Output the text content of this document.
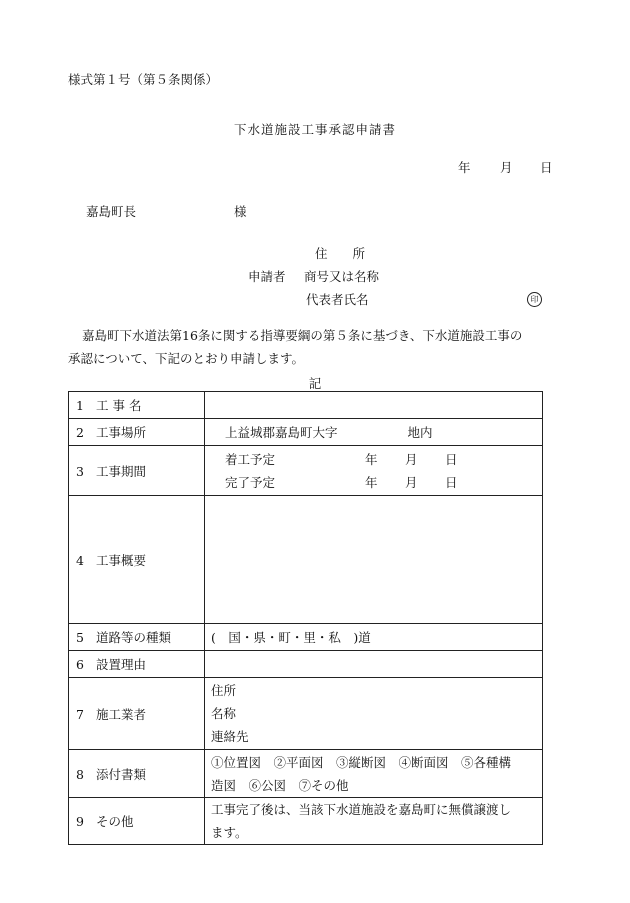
様式第１号（第５条関係）
下水道施設工事承認申請書
年 月 日
嘉島町長	様
住　　所
申請者 商号又は名称
代表者氏名	印
嘉島町下水道法第16条に関する指導要綱の第５条に基づき、下水道施設工事の
承認について、下記のとおり申請します。
記
1 工 事 名	
2 工事場所	上益城郡嘉島町大字 地内
3 工事期間	着工予定 年 月 日
完了予定 年 月 日

4 工事概要	
5 道路等の種類	(　国・県・町・里・私　)道
6 設置理由	
7 施工業者	住所
名称
連絡先

8 添付書類	①位置図　②平面図　③縦断図　④断面図　⑤各種構
造図　⑥公図　⑦その他

9 その他	工事完了後は、当該下水道施設を嘉島町に無償譲渡し
ます。
